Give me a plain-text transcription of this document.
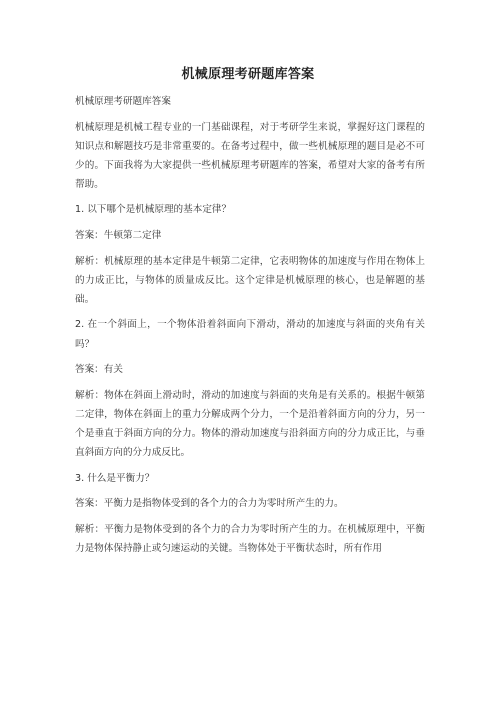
机械原理考研题库答案

机械原理考研题库答案

机械原理是机械工程专业的一门基础课程，对于考研学生来说，掌握好这门课程的知识点和解题技巧是非常重要的。在备考过程中，做一些机械原理的题目是必不可少的。下面我将为大家提供一些机械原理考研题库的答案，希望对大家的备考有所帮助。

1. 以下哪个是机械原理的基本定律？

答案：牛顿第二定律

解析：机械原理的基本定律是牛顿第二定律，它表明物体的加速度与作用在物体上的力成正比，与物体的质量成反比。这个定律是机械原理的核心，也是解题的基础。

2. 在一个斜面上，一个物体沿着斜面向下滑动，滑动的加速度与斜面的夹角有关吗？

答案：有关

解析：物体在斜面上滑动时，滑动的加速度与斜面的夹角是有关系的。根据牛顿第二定律，物体在斜面上的重力分解成两个分力，一个是沿着斜面方向的分力，另一个是垂直于斜面方向的分力。物体的滑动加速度与沿斜面方向的分力成正比，与垂直斜面方向的分力成反比。

3. 什么是平衡力？

答案：平衡力是指物体受到的各个力的合力为零时所产生的力。

解析：平衡力是物体受到的各个力的合力为零时所产生的力。在机械原理中，平衡力是物体保持静止或匀速运动的关键。当物体处于平衡状态时，所有作用
